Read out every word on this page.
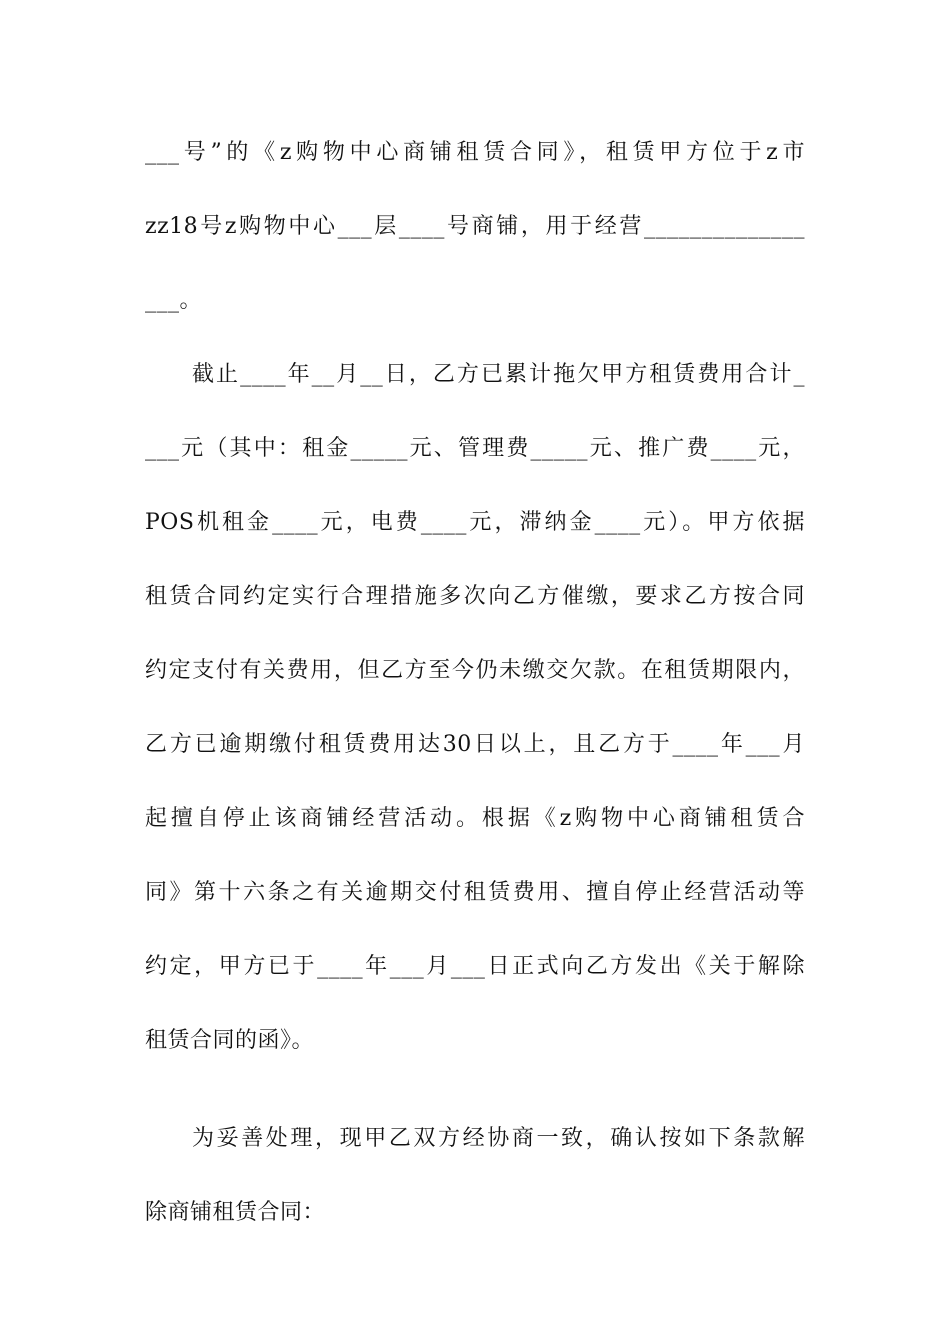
___号”的《z购物中心商铺租赁合同》，租赁甲方位于z市
zz18号z购物中心___层____号商铺，用于经营______________
___。
截止____年__月__日，乙方已累计拖欠甲方租赁费用合计_
___元（其中：租金_____元、管理费_____元、推广费____元，
POS机租金____元，电费____元，滞纳金____元）。甲方依据
租赁合同约定实行合理措施多次向乙方催缴，要求乙方按合同
约定支付有关费用，但乙方至今仍未缴交欠款。在租赁期限内，
乙方已逾期缴付租赁费用达30日以上，且乙方于____年___月
起擅自停止该商铺经营活动。根据《z购物中心商铺租赁合
同》第十六条之有关逾期交付租赁费用、擅自停止经营活动等
约定，甲方已于____年___月___日正式向乙方发出《关于解除
租赁合同的函》。
为妥善处理，现甲乙双方经协商一致，确认按如下条款解
除商铺租赁合同：
